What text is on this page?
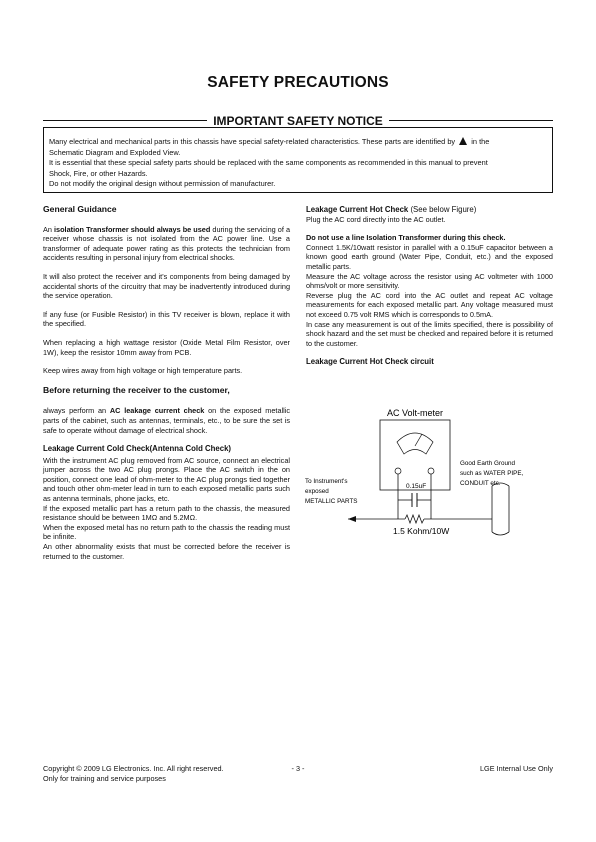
SAFETY PRECAUTIONS
IMPORTANT SAFETY NOTICE
Many electrical and mechanical parts in this chassis have special safety-related characteristics. These parts are identified by in the
Schematic Diagram and Exploded View.
It is essential that these special safety parts should be replaced with the same components as recommended in this manual to prevent
Shock, Fire, or other Hazards.
Do not modify the original design without permission of manufacturer.

General Guidance

An isolation Transformer should always be used during the servicing of a receiver whose chassis is not isolated from the AC power line. Use a transformer of adequate power rating as this protects the technician from accidents resulting in personal injury from electrical shocks.

It will also protect the receiver and it's components from being damaged by accidental shorts of the circuitry that may be inadvertently introduced during the service operation.

If any fuse (or Fusible Resistor) in this TV receiver is blown, replace it with the specified.

When replacing a high wattage resistor (Oxide Metal Film Resistor, over 1W), keep the resistor 10mm away from PCB.

Keep wires away from high voltage or high temperature parts.

Before returning the receiver to the customer,

always perform an AC leakage current check on the exposed metallic parts of the cabinet, such as antennas, terminals, etc., to be sure the set is safe to operate without damage of electrical shock.

Leakage Current Cold Check(Antenna Cold Check)

With the instrument AC plug removed from AC source, connect an electrical jumper across the two AC plug prongs. Place the AC switch in the on position, connect one lead of ohm-meter to the AC plug prongs tied together and touch other ohm-meter lead in turn to each exposed metallic parts such as antenna terminals, phone jacks, etc.

If the exposed metallic part has a return path to the chassis, the measured resistance should be between 1MΩ and 5.2MΩ.

When the exposed metal has no return path to the chassis the reading must be infinite.

An other abnormality exists that must be corrected before the receiver is returned to the customer.

Leakage Current Hot Check (See below Figure)

Plug the AC cord directly into the AC outlet.

Do not use a line Isolation Transformer during this check.

Connect 1.5K/10watt resistor in parallel with a 0.15uF capacitor between a known good earth ground (Water Pipe, Conduit, etc.) and the exposed metallic parts.

Measure the AC voltage across the resistor using AC voltmeter with 1000 ohms/volt or more sensitivity.

Reverse plug the AC cord into the AC outlet and repeat AC voltage measurements for each exposed metallic part. Any voltage measured must not exceed 0.75 volt RMS which is corresponds to 0.5mA.

In case any measurement is out of the limits specified, there is possibility of shock hazard and the set must be checked and repaired before it is returned to the customer.

Leakage Current Hot Check circuit

AC Volt-meter
0.15uF
1.5 Kohm/10W
To Instrument's
exposed
METALLIC PARTS
Good Earth Ground
such as WATER PIPE,
CONDUIT etc.
Copyright © 2009 LG Electronics. Inc. All right reserved.
Only for training and service purposes
- 3 -	LGE Internal Use Only
